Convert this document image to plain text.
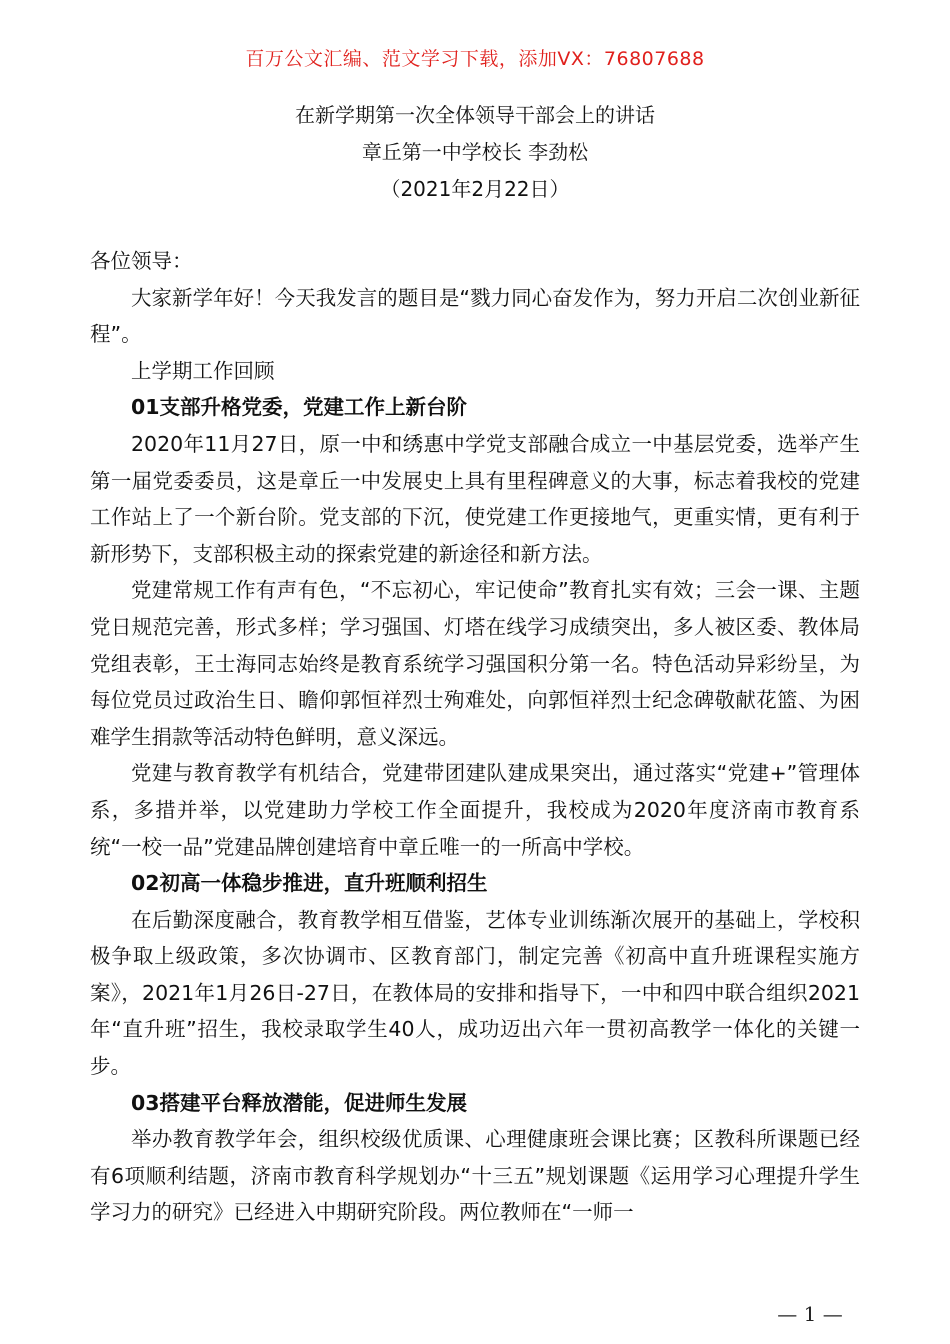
百万公文汇编、范文学习下载，添加VX：76807688
在新学期第一次全体领导干部会上的讲话
章丘第一中学校长 李劲松
（2021年2月22日）

各位领导：

大家新学年好！今天我发言的题目是“戮力同心奋发作为，努力开启二次创业新征程”。

上学期工作回顾

01支部升格党委，党建工作上新台阶

2020年11月27日，原一中和绣惠中学党支部融合成立一中基层党委，选举产生第一届党委委员，这是章丘一中发展史上具有里程碑意义的大事，标志着我校的党建工作站上了一个新台阶。党支部的下沉，使党建工作更接地气，更重实情，更有利于新形势下，支部积极主动的探索党建的新途径和新方法。

党建常规工作有声有色，“不忘初心，牢记使命”教育扎实有效；三会一课、主题党日规范完善，形式多样；学习强国、灯塔在线学习成绩突出，多人被区委、教体局党组表彰，王士海同志始终是教育系统学习强国积分第一名。特色活动异彩纷呈，为每位党员过政治生日、瞻仰郭恒祥烈士殉难处，向郭恒祥烈士纪念碑敬献花篮、为困难学生捐款等活动特色鲜明，意义深远。

党建与教育教学有机结合，党建带团建队建成果突出，通过落实“党建+”管理体系，多措并举，以党建助力学校工作全面提升，我校成为2020年度济南市教育系统“一校一品”党建品牌创建培育中章丘唯一的一所高中学校。

02初高一体稳步推进，直升班顺利招生

在后勤深度融合，教育教学相互借鉴，艺体专业训练渐次展开的基础上，学校积极争取上级政策，多次协调市、区教育部门，制定完善《初高中直升班课程实施方案》，2021年1月26日-27日，在教体局的安排和指导下，一中和四中联合组织2021年“直升班”招生，我校录取学生40人，成功迈出六年一贯初高教学一体化的关键一步。

03搭建平台释放潜能，促进师生发展

举办教育教学年会，组织校级优质课、心理健康班会课比赛；区教科所课题已经有6项顺利结题，济南市教育科学规划办“十三五”规划课题《运用学习心理提升学生学习力的研究》已经进入中期研究阶段。两位教师在“一师一

— 1 —
